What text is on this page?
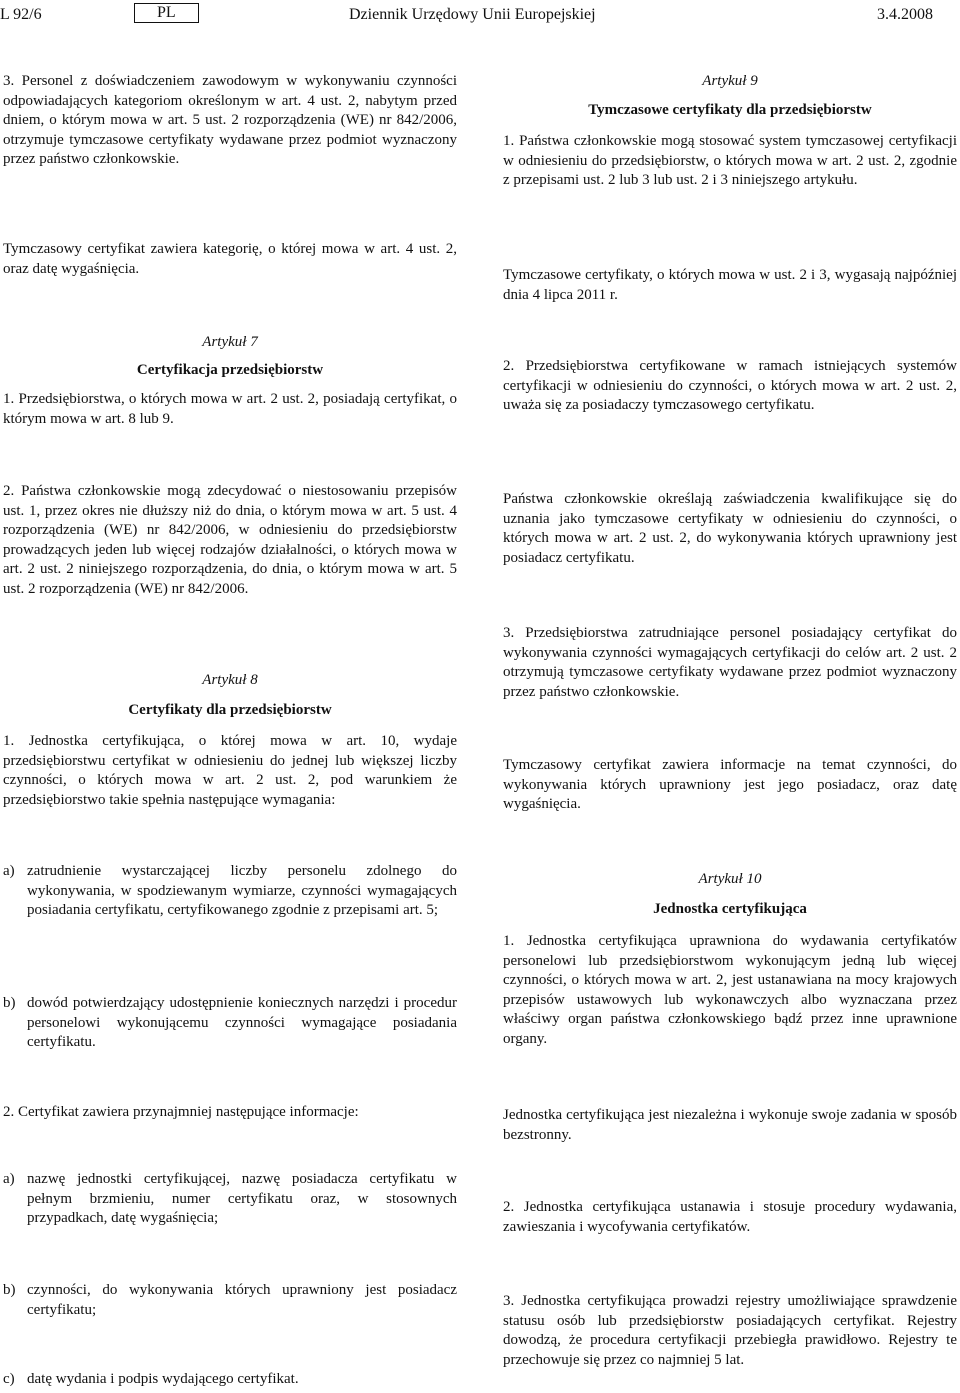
L 92/6	PL	Dziennik Urzędowy Unii Europejskiej	3.4.2008
3. Personel z doświadczeniem zawodowym w wykonywaniu czynności odpowiadających kategoriom określonym w art. 4 ust. 2, nabytym przed dniem, o którym mowa w art. 5 ust. 2 rozporządzenia (WE) nr 842/2006, otrzymuje tymczasowe certyfikaty wydawane przez podmiot wyznaczony przez państwo członkowskie.
Tymczasowy certyfikat zawiera kategorię, o której mowa w art. 4 ust. 2, oraz datę wygaśnięcia.
Artykuł 7
Certyfikacja przedsiębiorstw
1. Przedsiębiorstwa, o których mowa w art. 2 ust. 2, posiadają certyfikat, o którym mowa w art. 8 lub 9.
2. Państwa członkowskie mogą zdecydować o niestosowaniu przepisów ust. 1, przez okres nie dłuższy niż do dnia, o którym mowa w art. 5 ust. 4 rozporządzenia (WE) nr 842/2006, w odniesieniu do przedsiębiorstw prowadzących jeden lub więcej rodzajów działalności, o których mowa w art. 2 ust. 2 niniejszego rozporządzenia, do dnia, o którym mowa w art. 5 ust. 2 rozporządzenia (WE) nr 842/2006.
Artykuł 8
Certyfikaty dla przedsiębiorstw
1. Jednostka certyfikująca, o której mowa w art. 10, wydaje przedsiębiorstwu certyfikat w odniesieniu do jednej lub większej liczby czynności, o których mowa w art. 2 ust. 2, pod warunkiem że przedsiębiorstwo takie spełnia następujące wymagania:
a) zatrudnienie wystarczającej liczby personelu zdolnego do wykonywania, w spodziewanym wymiarze, czynności wymagających posiadania certyfikatu, certyfikowanego zgodnie z przepisami art. 5;
b) dowód potwierdzający udostępnienie koniecznych narzędzi i procedur personelowi wykonującemu czynności wymagające posiadania certyfikatu.
2. Certyfikat zawiera przynajmniej następujące informacje:
a) nazwę jednostki certyfikującej, nazwę posiadacza certyfikatu w pełnym brzmieniu, numer certyfikatu oraz, w stosownych przypadkach, datę wygaśnięcia;
b) czynności, do wykonywania których uprawniony jest posiadacz certyfikatu;
c) datę wydania i podpis wydającego certyfikat.
Artykuł 9
Tymczasowe certyfikaty dla przedsiębiorstw
1. Państwa członkowskie mogą stosować system tymczasowej certyfikacji w odniesieniu do przedsiębiorstw, o których mowa w art. 2 ust. 2, zgodnie z przepisami ust. 2 lub 3 lub ust. 2 i 3 niniejszego artykułu.
Tymczasowe certyfikaty, o których mowa w ust. 2 i 3, wygasają najpóźniej dnia 4 lipca 2011 r.
2. Przedsiębiorstwa certyfikowane w ramach istniejących systemów certyfikacji w odniesieniu do czynności, o których mowa w art. 2 ust. 2, uważa się za posiadaczy tymczasowego certyfikatu.
Państwa członkowskie określają zaświadczenia kwalifikujące się do uznania jako tymczasowe certyfikaty w odniesieniu do czynności, o których mowa w art. 2 ust. 2, do wykonywania których uprawniony jest posiadacz certyfikatu.
3. Przedsiębiorstwa zatrudniające personel posiadający certyfikat do wykonywania czynności wymagających certyfikacji do celów art. 2 ust. 2 otrzymują tymczasowe certyfikaty wydawane przez podmiot wyznaczony przez państwo członkowskie.
Tymczasowy certyfikat zawiera informacje na temat czynności, do wykonywania których uprawniony jest jego posiadacz, oraz datę wygaśnięcia.
Artykuł 10
Jednostka certyfikująca
1. Jednostka certyfikująca uprawniona do wydawania certyfikatów personelowi lub przedsiębiorstwom wykonującym jedną lub więcej czynności, o których mowa w art. 2, jest ustanawiana na mocy krajowych przepisów ustawowych lub wykonawczych albo wyznaczana przez właściwy organ państwa członkowskiego bądź przez inne uprawnione organy.
Jednostka certyfikująca jest niezależna i wykonuje swoje zadania w sposób bezstronny.
2. Jednostka certyfikująca ustanawia i stosuje procedury wydawania, zawieszania i wycofywania certyfikatów.
3. Jednostka certyfikująca prowadzi rejestry umożliwiające sprawdzenie statusu osób lub przedsiębiorstw posiadających certyfikat. Rejestry dowodzą, że procedura certyfikacji przebiegła prawidłowo. Rejestry te przechowuje się przez co najmniej 5 lat.
